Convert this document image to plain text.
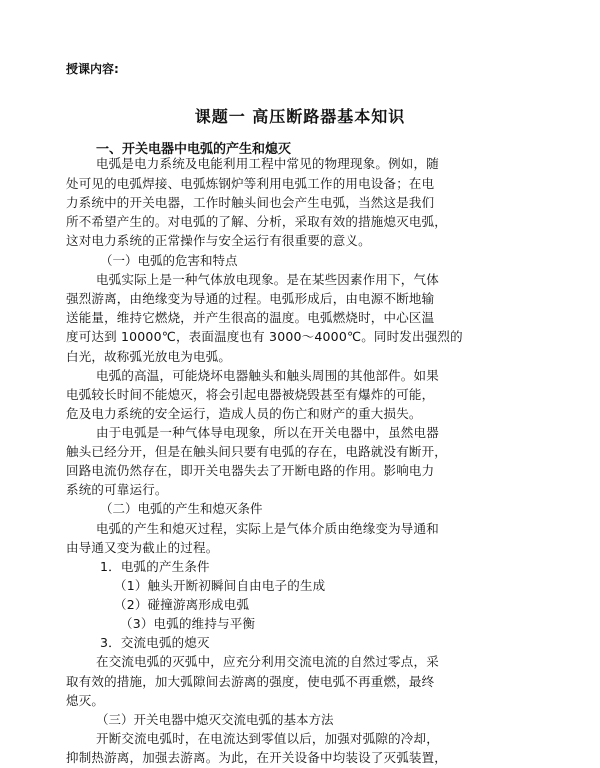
授课内容:
课题一 高压断路器基本知识
一、开关电器中电弧的产生和熄灭
电弧是电力系统及电能利用工程中常见的物理现象。例如，随
处可见的电弧焊接、电弧炼钢炉等利用电弧工作的用电设备；在电
力系统中的开关电器，工作时触头间也会产生电弧，当然这是我们
所不希望产生的。对电弧的了解、分析，采取有效的措施熄灭电弧，
这对电力系统的正常操作与安全运行有很重要的意义。
（一）电弧的危害和特点
电弧实际上是一种气体放电现象。是在某些因素作用下，气体
强烈游离，由绝缘变为导通的过程。电弧形成后，由电源不断地输
送能量，维持它燃烧，并产生很高的温度。电弧燃烧时，中心区温
度可达到 10000℃，表面温度也有 3000～4000℃。同时发出强烈的
白光，故称弧光放电为电弧。
电弧的高温，可能烧坏电器触头和触头周围的其他部件。如果
电弧较长时间不能熄灭，将会引起电器被烧毁甚至有爆炸的可能，
危及电力系统的安全运行，造成人员的伤亡和财产的重大损失。
由于电弧是一种气体导电现象，所以在开关电器中，虽然电器
触头已经分开，但是在触头间只要有电弧的存在，电路就没有断开，
回路电流仍然存在，即开关电器失去了开断电路的作用。影响电力
系统的可靠运行。
（二）电弧的产生和熄灭条件
电弧的产生和熄灭过程，实际上是气体介质由绝缘变为导通和
由导通又变为截止的过程。
1．电弧的产生条件
（1）触头开断初瞬间自由电子的生成
（2）碰撞游离形成电弧
（3）电弧的维持与平衡
3．交流电弧的熄灭
在交流电弧的灭弧中，应充分利用交流电流的自然过零点，采
取有效的措施，加大弧隙间去游离的强度，使电弧不再重燃，最终
熄灭。
（三）开关电器中熄灭交流电弧的基本方法
开断交流电弧时，在电流达到零值以后，加强对弧隙的冷却，
抑制热游离，加强去游离。为此，在开关设备中均装设了灭弧装置，
